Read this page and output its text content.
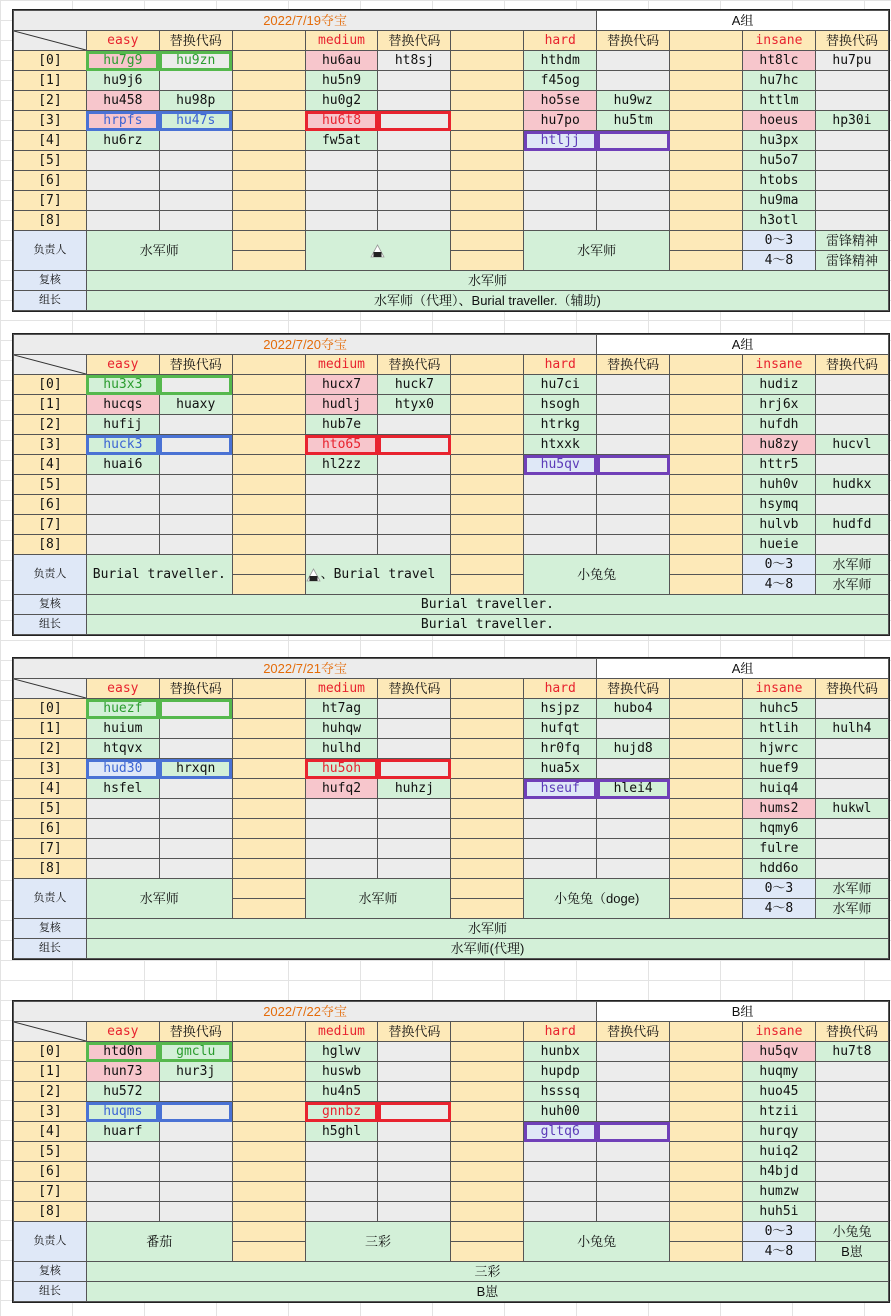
2022/7/19夺宝								A组			

	easy	替换代码		medium	替换代码		hard	替换代码		insane	替换代码
[0]	hu7g9	hu9zn		hu6au	ht8sj		hthdm			ht8lc	hu7pu
[1]	hu9j6			hu5n9			f45og			hu7hc	
[2]	hu458	hu98p		hu0g2			ho5se	hu9wz		httlm	
[3]	hrpfs	hu47s		hu6t8			hu7po	hu5tm		hoeus	hp30i
[4]	hu6rz			fw5at			htljj			hu3px	
[5]										hu5o7	
[6]										htobs	
[7]										hu9ma	
[8]										h3otl	
负责人	水军师						水军师			0～3	雷锋精神
										4～8	雷锋精神
复核	水军师										
组长	水军师（代理）、Burial traveller.（辅助)										
2022/7/20夺宝								A组			

	easy	替换代码		medium	替换代码		hard	替换代码		insane	替换代码
[0]	hu3x3			hucx7	huck7		hu7ci			hudiz	
[1]	hucqs	huaxy		hudlj	htyx0		hsogh			hrj6x	
[2]	hufij			hub7e			htrkg			hufdh	
[3]	huck3			hto65			htxxk			hu8zy	hucvl
[4]	huai6			hl2zz			hu5qv			httr5	
[5]										huh0v	hudkx
[6]										hsymq	
[7]										hulvb	hudfd
[8]										hueie	
负责人	Burial traveller.			、Burial travel			小兔兔			0～3	水军师
										4～8	水军师
复核	Burial traveller.										
组长	Burial traveller.										
2022/7/21夺宝								A组			

	easy	替换代码		medium	替换代码		hard	替换代码		insane	替换代码
[0]	huezf			ht7ag			hsjpz	hubo4		huhc5	
[1]	huium			huhqw			hufqt			htlih	hulh4
[2]	htqvx			hulhd			hr0fq	hujd8		hjwrc	
[3]	hud30	hrxqn		hu5oh			hua5x			huef9	
[4]	hsfel			hufq2	huhzj		hseuf	hlei4		huiq4	
[5]										hums2	hukwl
[6]										hqmy6	
[7]										fulre	
[8]										hdd6o	
负责人	水军师			水军师			小兔兔（doge)			0～3	水军师
										4～8	水军师
复核	水军师										
组长	水军师(代理)										
2022/7/22夺宝								B组			

	easy	替换代码		medium	替换代码		hard	替换代码		insane	替换代码
[0]	htd0n	gmclu		hglwv			hunbx			hu5qv	hu7t8
[1]	hun73	hur3j		huswb			hupdp			huqmy	
[2]	hu572			hu4n5			hsssq			huo45	
[3]	huqms			gnnbz			huh00			htzii	
[4]	huarf			h5ghl			gltq6			hurqy	
[5]										huiq2	
[6]										h4bjd	
[7]										humzw	
[8]										huh5i	
负责人	番茄			三彩			小兔兔			0～3	小兔兔
										4～8	B崽
复核	三彩										
组长	B崽										
